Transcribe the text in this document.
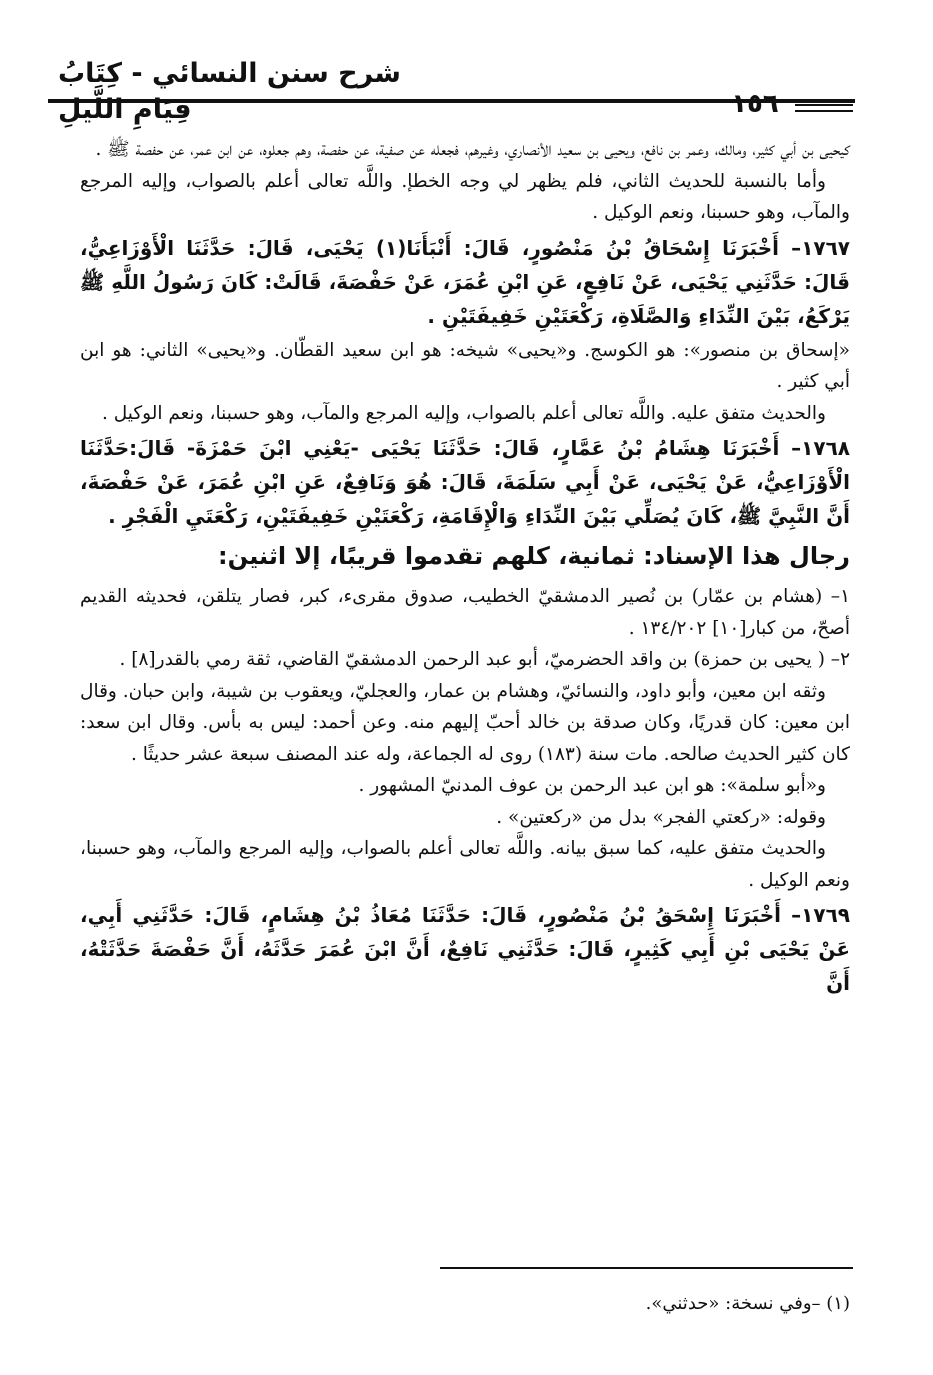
شرح سنن النسائي - كِتَابُ قِيَامِ اللَّيلِ	١٥٦

كيحيى بن أبي كثير، ومالك، وعمر بن نافع، ويحيى بن سعيد الأنصاري، وغيرهم، فجعله عن صفية، عن حفصة، وهم جعلوه، عن ابن عمر، عن حفصة ﷺ .

وأما بالنسبة للحديث الثاني، فلم يظهر لي وجه الخطإ. واللَّه تعالى أعلم بالصواب، وإليه المرجع والمآب، وهو حسبنا، ونعم الوكيل .

١٧٦٧– أَخْبَرَنَا إِسْحَاقُ بْنُ مَنْصُورٍ، قَالَ: أَنْبَأَنَا(١) يَحْيَى، قَالَ: حَدَّثَنَا الْأَوْزَاعِيُّ، قَالَ: حَدَّثَنِي يَحْيَى، عَنْ نَافِعٍ، عَنِ ابْنِ عُمَرَ، عَنْ حَفْصَةَ، قَالَتْ: كَانَ رَسُولُ اللَّهِ ﷺ يَرْكَعُ، بَيْنَ النِّدَاءِ وَالصَّلَاةِ، رَكْعَتَيْنِ خَفِيفَتَيْنِ .

«إسحاق بن منصور»: هو الكوسج. و«يحيى» شيخه: هو ابن سعيد القطّان. و«يحيى» الثاني: هو ابن أبي كثير .

والحديث متفق عليه. واللَّه تعالى أعلم بالصواب، وإليه المرجع والمآب، وهو حسبنا، ونعم الوكيل .

١٧٦٨– أَخْبَرَنَا هِشَامُ بْنُ عَمَّارٍ، قَالَ: حَدَّثَنَا يَحْيَى -يَعْنِي ابْنَ حَمْزَةَ- قَالَ:حَدَّثَنَا الْأَوْزَاعِيُّ، عَنْ يَحْيَى، عَنْ أَبِي سَلَمَةَ، قَالَ: هُوَ وَنَافِعٌ، عَنِ ابْنِ عُمَرَ، عَنْ حَفْصَةَ، أَنَّ النَّبِيَّ ﷺ، كَانَ يُصَلِّي بَيْنَ النِّدَاءِ وَالْإِقَامَةِ، رَكْعَتَيْنِ خَفِيفَتَيْنِ، رَكْعَتَيِ الْفَجْرِ .

رجال هذا الإسناد: ثمانية، كلهم تقدموا قريبًا، إلا اثنين:

١– (هشام بن عمّار) بن نُصير الدمشقيّ الخطيب، صدوق مقرىء، كبر، فصار يتلقن، فحديثه القديم أصحّ، من كبار[١٠] ١٣٤/٢٠٢ .

٢– ( يحيى بن حمزة) بن واقد الحضرميّ، أبو عبد الرحمن الدمشقيّ القاضي، ثقة رمي بالقدر[٨] .

وثقه ابن معين، وأبو داود، والنسائيّ، وهشام بن عمار، والعجليّ، ويعقوب بن شيبة، وابن حبان. وقال ابن معين: كان قدريًا، وكان صدقة بن خالد أحبّ إليهم منه. وعن أحمد: ليس به بأس. وقال ابن سعد: كان كثير الحديث صالحه. مات سنة (١٨٣) روى له الجماعة، وله عند المصنف سبعة عشر حديثًا .

و«أبو سلمة»: هو ابن عبد الرحمن بن عوف المدنيّ المشهور .

وقوله: «ركعتي الفجر» بدل من «ركعتين» .

والحديث متفق عليه، كما سبق بيانه. واللَّه تعالى أعلم بالصواب، وإليه المرجع والمآب، وهو حسبنا، ونعم الوكيل .

١٧٦٩– أَخْبَرَنَا إِسْحَقُ بْنُ مَنْصُورٍ، قَالَ: حَدَّثَنَا مُعَاذُ بْنُ هِشَامٍ، قَالَ: حَدَّثَنِي أَبِي، عَنْ يَحْيَى بْنِ أَبِي كَثِيرٍ، قَالَ: حَدَّثَنِي نَافِعٌ، أَنَّ ابْنَ عُمَرَ حَدَّثَهُ، أَنَّ حَفْصَةَ حَدَّثَتْهُ، أَنَّ

(١) –وفي نسخة: «حدثني».
